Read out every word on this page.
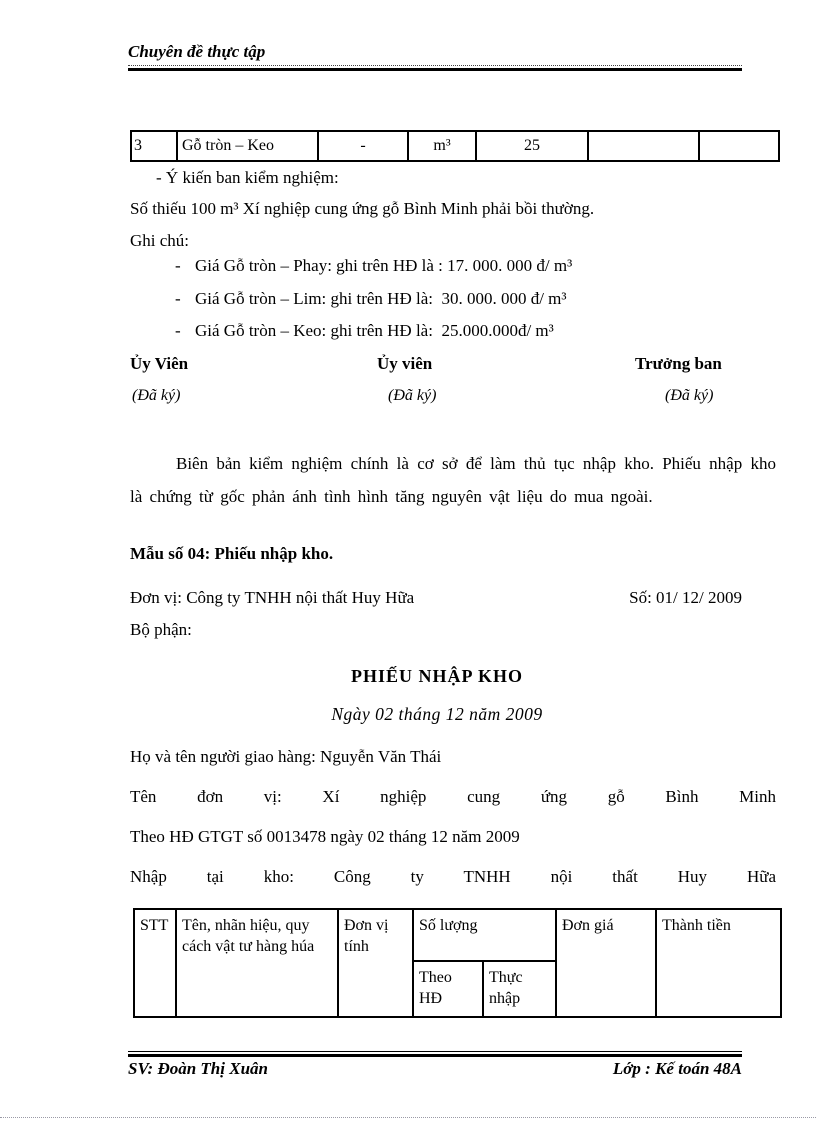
Chuyên đề thực tập
3	Gỗ tròn – Keo	-	m³	25		
- Ý kiến ban kiểm nghiệm:
Số thiếu 100 m³ Xí nghiệp cung ứng gỗ Bình Minh phải bồi thường.
Ghi chú:
- Giá Gỗ tròn – Phay: ghi trên HĐ là : 17. 000. 000 đ/ m³
- Giá Gỗ tròn – Lim: ghi trên HĐ là:  30. 000. 000 đ/ m³
- Giá Gỗ tròn – Keo: ghi trên HĐ là:  25.000.000đ/ m³
Ủy Viên	Ủy viên	Trưởng ban
(Đã ký)	(Đã ký)	(Đã ký)
Biên bản kiểm nghiệm chính là cơ sở để làm thủ tục nhập kho. Phiếu nhập kho là chứng từ gốc phản ánh tình hình tăng nguyên vật liệu do mua ngoài.
Mẫu số 04: Phiếu nhập kho.
Đơn vị: Công ty TNHH nội thất Huy Hữa	Số: 01/ 12/ 2009
Bộ phận:
PHIẾU NHẬP KHO
Ngày 02 tháng 12 năm 2009
Họ và tên người giao hàng: Nguyễn Văn Thái
Tên đơn vị: Xí nghiệp cung ứng gỗ Bình Minh
Theo HĐ GTGT số 0013478 ngày 02 tháng 12 năm 2009
Nhập tại kho: Công ty TNHH nội thất Huy Hữa
STT	Tên, nhãn hiệu, quy cách vật tư hàng húa	Đơn vị tính	Số lượng		Đơn giá	Thành tiền
			Theo HĐ	Thực nhập		
SV: Đoàn Thị Xuân	Lớp : Kế toán 48A
